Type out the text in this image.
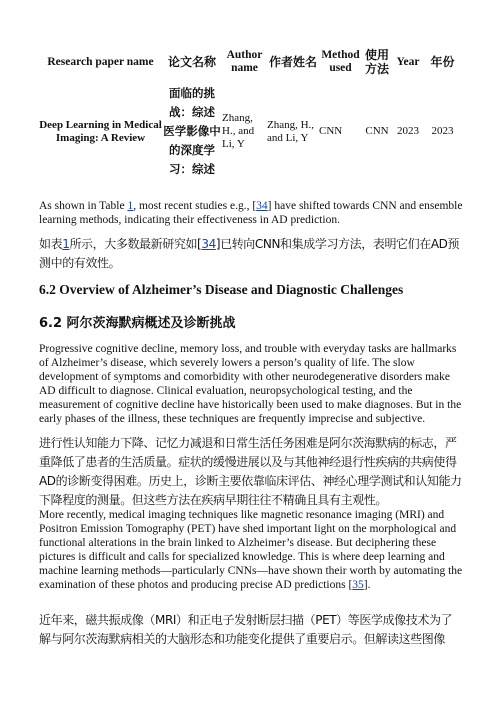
Research paper name	论文名称	Author name	作者姓名	Method used	使用方法	Year	年份
Deep Learning in Medical Imaging: A Review	面临的挑战：综述 医学影像中的深度学习：综述	Zhang, H., and Li, Y	Zhang, H., and Li, Y	CNN	CNN	2023	2023

As shown in Table 1, most recent studies e.g., [34] have shifted towards CNN and ensemble learning methods, indicating their effectiveness in AD prediction.

如表1所示，大多数最新研究如[34]已转向CNN和集成学习方法，表明它们在AD预测中的有效性。

6.2 Overview of Alzheimer’s Disease and Diagnostic Challenges
6.2 阿尔茨海默病概述及诊断挑战

Progressive cognitive decline, memory loss, and trouble with everyday tasks are hallmarks of Alzheimer’s disease, which severely lowers a person’s quality of life. The slow development of symptoms and comorbidity with other neurodegenerative disorders make AD difficult to diagnose. Clinical evaluation, neuropsychological testing, and the measurement of cognitive decline have historically been used to make diagnoses. But in the early phases of the illness, these techniques are frequently imprecise and subjective.

进行性认知能力下降、记忆力减退和日常生活任务困难是阿尔茨海默病的标志，严重降低了患者的生活质量。症状的缓慢进展以及与其他神经退行性疾病的共病使得AD的诊断变得困难。历史上，诊断主要依靠临床评估、神经心理学测试和认知能力下降程度的测量。但这些方法在疾病早期往往不精确且具有主观性。

More recently, medical imaging techniques like magnetic resonance imaging (MRI) and Positron Emission Tomography (PET) have shed important light on the morphological and functional alterations in the brain linked to Alzheimer’s disease. But deciphering these pictures is difficult and calls for specialized knowledge. This is where deep learning and machine learning methods—particularly CNNs—have shown their worth by automating the examination of these photos and producing precise AD predictions [35].

近年来，磁共振成像（MRI）和正电子发射断层扫描（PET）等医学成像技术为了解与阿尔茨海默病相关的大脑形态和功能变化提供了重要启示。但解读这些图像
